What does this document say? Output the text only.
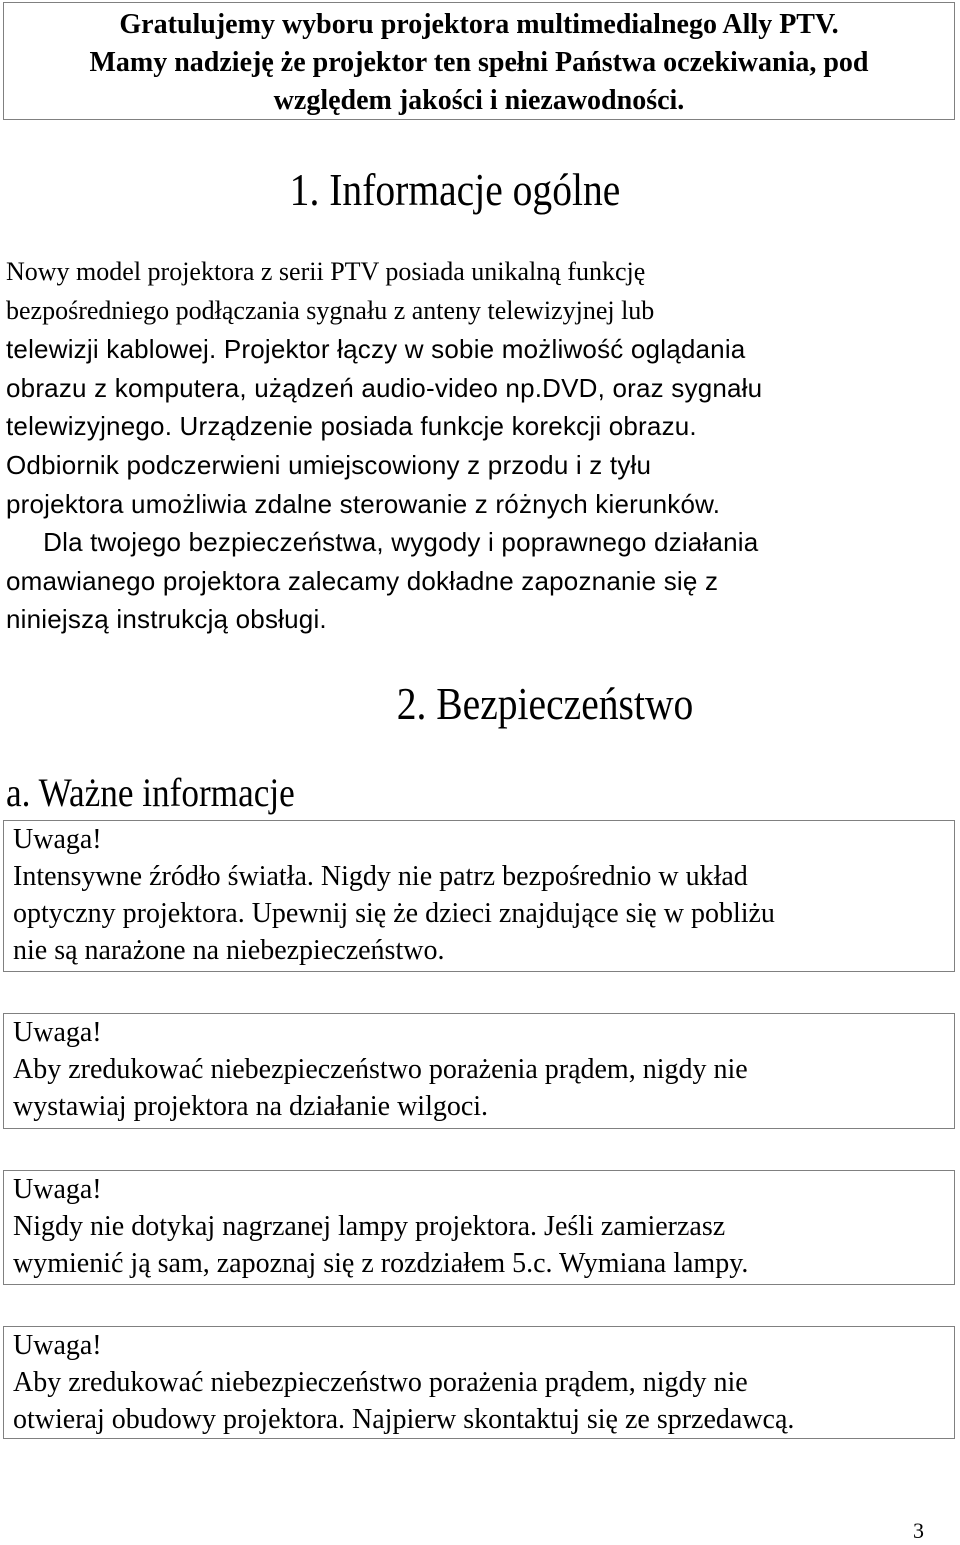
Gratulujemy wyboru projektora multimedialnego Ally PTV.
Mamy nadzieję że projektor ten spełni Państwa oczekiwania, pod
względem jakości i niezawodności.
1. Informacje ogólne
Nowy model projektora z serii PTV posiada unikalną funkcję
bezpośredniego podłączania sygnału z anteny telewizyjnej lub
telewizji kablowej. Projektor łączy w sobie możliwość oglądania
obrazu z komputera, użądzeń audio-video np.DVD, oraz sygnału
telewizyjnego. Urządzenie posiada funkcje korekcji obrazu.
Odbiornik podczerwieni umiejscowiony z przodu i z tyłu
projektora umożliwia zdalne sterowanie z różnych kierunków.
Dla twojego bezpieczeństwa, wygody i poprawnego działania
omawianego projektora zalecamy dokładne zapoznanie się z
niniejszą instrukcją obsługi.
2. Bezpieczeństwo
a. Ważne informacje
Uwaga!
Intensywne źródło światła. Nigdy nie patrz bezpośrednio w układ
optyczny projektora. Upewnij się że dzieci znajdujące się w pobliżu
nie są narażone na niebezpieczeństwo.
Uwaga!
Aby zredukować niebezpieczeństwo porażenia prądem, nigdy nie
wystawiaj projektora na działanie wilgoci.
Uwaga!
Nigdy nie dotykaj nagrzanej lampy projektora. Jeśli zamierzasz
wymienić ją sam, zapoznaj się z rozdziałem 5.c. Wymiana lampy.
Uwaga!
Aby zredukować niebezpieczeństwo porażenia prądem, nigdy nie
otwieraj obudowy projektora. Najpierw skontaktuj się ze sprzedawcą.
3
